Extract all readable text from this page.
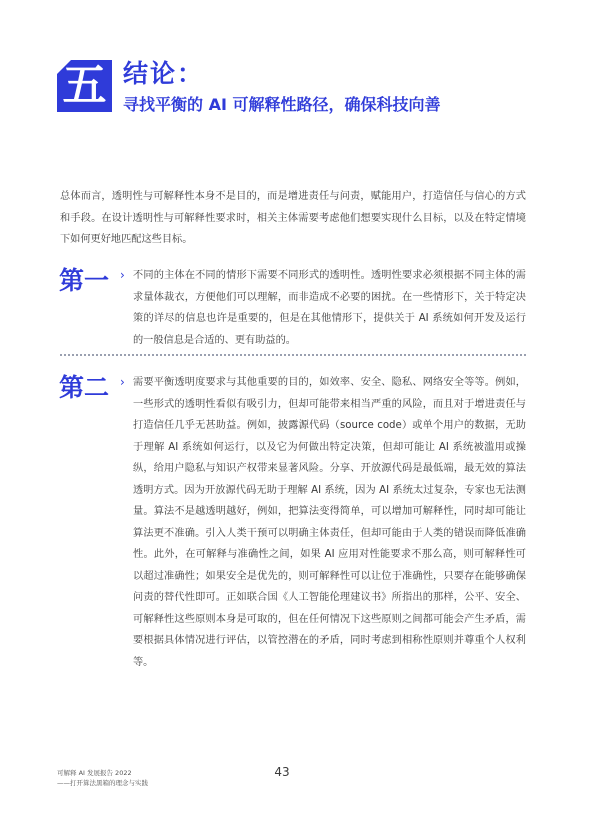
五 结论：
寻找平衡的 AI 可解释性路径，确保科技向善
总体而言，透明性与可解释性本身不是目的，而是增进责任与问责，赋能用户，打造信任与信心的方式和手段。在设计透明性与可解释性要求时，相关主体需要考虑他们想要实现什么目标，以及在特定情境下如何更好地匹配这些目标。
第一 › 不同的主体在不同的情形下需要不同形式的透明性。透明性要求必须根据不同主体的需求量体裁衣，方便他们可以理解，而非造成不必要的困扰。在一些情形下，关于特定决策的详尽的信息也许是重要的，但是在其他情形下，提供关于 AI 系统如何开发及运行的一般信息是合适的、更有助益的。
第二 › 需要平衡透明度要求与其他重要的目的，如效率、安全、隐私、网络安全等等。例如，一些形式的透明性看似有吸引力，但却可能带来相当严重的风险，而且对于增进责任与打造信任几乎无甚助益。例如，披露源代码（source code）或单个用户的数据，无助于理解 AI 系统如何运行，以及它为何做出特定决策，但却可能让 AI 系统被滥用或操纵，给用户隐私与知识产权带来显著风险。分享、开放源代码是最低端，最无效的算法透明方式。因为开放源代码无助于理解 AI 系统，因为 AI 系统太过复杂，专家也无法测量。算法不是越透明越好，例如，把算法变得简单，可以增加可解释性，同时却可能让算法更不准确。引入人类干预可以明确主体责任，但却可能由于人类的错误而降低准确性。此外，在可解释与准确性之间，如果 AI 应用对性能要求不那么高，则可解释性可以超过准确性；如果安全是优先的，则可解释性可以让位于准确性，只要存在能够确保问责的替代性即可。正如联合国《人工智能伦理建议书》所指出的那样，公平、安全、可解释性这些原则本身是可取的，但在任何情况下这些原则之间都可能会产生矛盾，需要根据具体情况进行评估，以管控潜在的矛盾，同时考虑到相称性原则并尊重个人权利等。
可解释 AI 发展报告 2022
——打开算法黑箱的理念与实践
43
